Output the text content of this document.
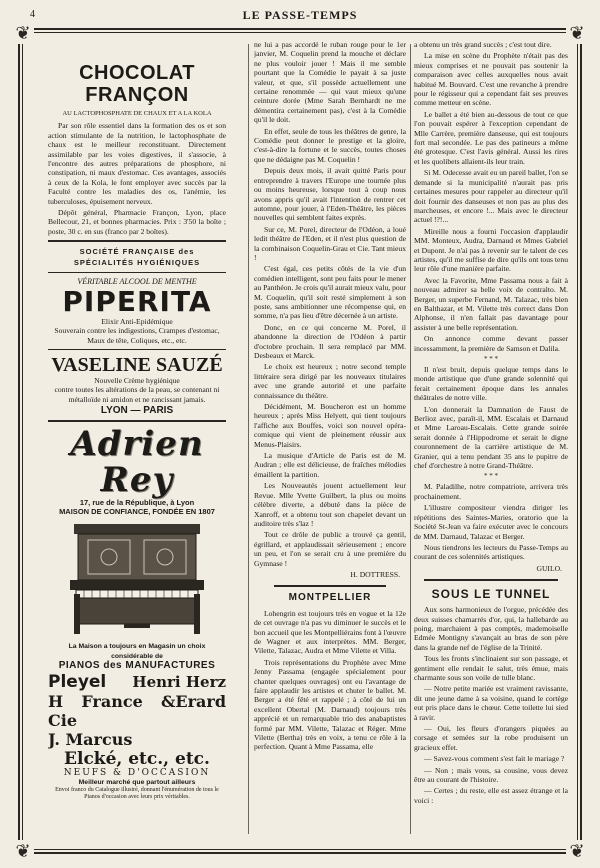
4	LE PASSE-TEMPS
❦	❦
❦	❦
CHOCOLAT FRANÇON
AU LACTOPHOSPHATE DE CHAUX ET A LA KOLA

Par son rôle essentiel dans la formation des os et son action stimulante de la nutrition, le lactophosphate de chaux est le meilleur reconstituant. Directement assimilable par les voies digestives, il s'associe, à l'encontre des autres préparations de phosphore, ni constipation, ni maux d'estomac. Ces avantages, associés à ceux de la Kola, le font employer avec succès par la Faculté contre les maladies des os, l'anémie, les tuberculoses, épuisement nerveux.

Dépôt général, Pharmacie Françon, Lyon, place Bellecour, 21, et bonnes pharmacies. Prix : 3'50 la boîte ; poste, 30 c. en sus (franco par 2 boîtes).

SOCIÉTÉ FRANÇAISE des SPÉCIALITÉS HYGIÉNIQUES
VÉRITABLE ALCOOL DE MENTHE
PIPERITA
Elixir Anti-Epidémique
Souverain contre les indigestions, Crampes d'estomac, Maux de tête, Coliques, etc., etc.
VASELINE SAUZÉ
Nouvelle Crème hygiénique
contre toutes les altérations de la peau, se contenant ni métalloïde ni amidon et ne rancissant jamais.
LYON — PARIS
Adrien Rey
17, rue de la République, à Lyon
MAISON DE CONFIANCE, FONDÉE EN 1807
La Maison a toujours en Magasin un choix considérable de
PIANOS des MANUFACTURES
Pleyel Henri Herz
H France & Cie
Erard
J. Marcus
Elcké, etc., etc.
NEUFS & D'OCCASION
Meilleur marché que partout ailleurs
Envoi franco du Catalogue illustré, donnant l'énumération de tous le Pianos d'occasion avec leurs prix véritables.

ne lui a pas accordé le ruban rouge pour le 1er janvier, M. Coquelin prend la mouche et déclare ne plus vouloir jouer ! Mais il me semble pourtant que la Comédie le payait à sa juste valeur, et que, s'il possède actuellement une certaine renommée — qui vaut mieux qu'une ceinture dorée (Mme Sarah Bernhardt ne me démentira certainement pas), c'est à la Comédie qu'il le doit.

En effet, seule de tous les théâtres de genre, la Comédie peut donner le prestige et la gloire, c'est-à-dire la fortune et le succès, toutes choses que ne dédaigne pas M. Coquelin !

Depuis deux mois, il avait quitté Paris pour entreprendre à travers l'Europe une tournée plus ou moins heureuse, lorsque tout à coup nous avons appris qu'il avait l'intention de rentrer cet automne, pour jouer, à l'Eden-Théâtre, les pièces nouvelles qui semblent faites exprès.

Sur ce, M. Porel, directeur de l'Odéon, a loué ledit théâtre de l'Eden, et il n'est plus question de la combinaison Coquelin-Grau et Cie. Tant mieux !

C'est égal, ces petits côtés de la vie d'un comédien intelligent, sont peu faits pour le mener au Panthéon. Je crois qu'il aurait mieux valu, pour M. Coquelin, qu'il soit resté simplement à son poste, sans ambitionner une récompense qui, en somme, n'a pas lieu d'être décernée à un artiste.

Donc, en ce qui concerne M. Porel, il abandonne la direction de l'Odéon à partir d'octobre prochain. Il sera remplacé par MM. Desbeaux et Marck.

Le choix est heureux ; notre second temple littéraire sera dirigé par les nouveaux titulaires avec une grande autorité et une parfaite connaissance du théâtre.

Décidément, M. Boucheron est un homme heureux ; après Miss Helyett, qui tient toujours l'affiche aux Bouffes, voici son nouvel opéra-comique qui vient de pleinement réussir aux Menus-Plaisirs.

La musique d'Article de Paris est de M. Audran ; elle est délicieuse, de fraîches mélodies émaillent la partition.

Les Nouveautés jouent actuellement leur Revue. Mlle Yvette Guilbert, la plus ou moins célèbre diverte, a débuté dans la pièce de Xanroff, et a obtenu tout son chapelet devant un auditoire très s'laz !

Tout ce drôle de public a trouvé ça gentil, égrillard, et applaudissait sérieusement ; encore un peu, et l'on se serait cru à une première du Gymnase !

H. DOTTRESS.
MONTPELLIER

Lohengrin est toujours très en vogue et la 12e de cet ouvrage n'a pas vu diminuer le succès et le bon accueil que les Montpelliérains font à l'œuvre de Wagner et aux interprètes. MM. Berger, Vilette, Talazac, Audra et Mme Vilette et Villa.

Trois représentations du Prophète avec Mme Jenny Passama (engagée spécialement pour chanter quelques ouvrages) ont eu l'avantage de faire applaudir les artistes et chuter le ballet. M. Berger a été fêté et rappelé ; à côté de lui un excellent Obertal (M. Darnaud) toujours très apprécié et un remarquable trio des anabaptistes formé par MM. Vilette, Talazac et Réger. Mme Vilette (Bertha) très en voix, a tenu ce rôle à la perfection. Quant à Mme Passama, elle

a obtenu un très grand succès ; c'est tout dire.

La mise en scène du Prophète n'était pas des mieux comprises et ne pouvait pas soutenir la comparaison avec celles auxquelles nous avait habitué M. Bouvard. C'est une revanche à prendre pour le régisseur qui a cependant fait ses preuves comme metteur en scène.

Le ballet a été bien au-dessous de tout ce que l'on pouvait espérer à l'exception cependant de Mlle Carrère, première danseuse, qui est toujours fort mal secondée. Le pas des patineurs a même été grotesque. C'est l'avis général. Aussi les rires et les quolibets allaient-ils leur train.

Si M. Odecesse avait eu un pareil ballet, l'on se demande si la municipalité n'aurait pas pris certaines mesures pour rappeler au directeur qu'il doit fournir des danseuses et non pas au plus des marcheuses, et encore !... Mais avec le directeur actuel !?!...

Mireille nous a fourni l'occasion d'applaudir MM. Monteux, Audra, Darnaud et Mmes Gabriel et Dupont. Je n'ai pas à revenir sur le talent de ces artistes, qu'il me suffise de dire qu'ils ont tous tenu leur rôle d'une manière parfaite.

Avec la Favorite, Mme Passama nous a fait à nouveau admirer sa belle voix de contralto. M. Berger, un superbe Fernand, M. Talazac, très bien en Balthazar, et M. Vilette très correct dans Don Alphonse, il n'en fallait pas davantage pour assister à une belle représentation.

On annonce comme devant passer incessamment, la première de Samson et Dalila.

* * *

Il n'est bruit, depuis quelque temps dans le monde artistique que d'une grande solennité qui ferait certainement époque dans les annales théâtrales de notre ville.

L'on donnerait la Damnation de Faust de Berlioz avec, paraît-il, MM. Escalais et Darnaud et Mme Laroau-Escalais. Cette grande soirée serait donnée à l'Hippodrome et serait le digne couronnement de la carrière artistique de M. Granier, qui a tenu pendant 35 ans le pupitre de chef d'orchestre à notre Grand-Théâtre.

* * *

M. Paladilhe, notre compatriote, arrivera très prochainement.

L'illustre compositeur viendra diriger les répétitions des Saintes-Maries, oratorio que la Société St-Jean va faire exécuter avec le concours de MM. Darnaud, Talazac et Berger.

Nous tiendrons les lecteurs du Passe-Temps au courant de ces solennités artistiques.

GUILO.
SOUS LE TUNNEL

Aux sons harmonieux de l'orgue, précédée des deux suisses chamarrés d'or, qui, la hallebarde au poing, marchaient à pas comptés, mademoiselle Edmée Montigny s'avançait au bras de son père dans la grande nef de l'église de la Trinité.

Tous les fronts s'inclinaient sur son passage, et gentiment elle rendait le salut, très émue, mais charmante sous son voile de tulle blanc.

— Notre petite mariée est vraiment ravissante, dit une jeune dame à sa voisine, quand le cortège eut pris place dans le chœur. Cette toilette lui sied à ravir.

— Oui, les fleurs d'orangers piquées au corsage et semées sur la robe produisent un gracieux effet.

— Savez-vous comment s'est fait le mariage ?

— Non ; mais vous, sa cousine, vous devez être au courant de l'histoire.

— Certes ; du reste, elle est assez étrange et la voici :
